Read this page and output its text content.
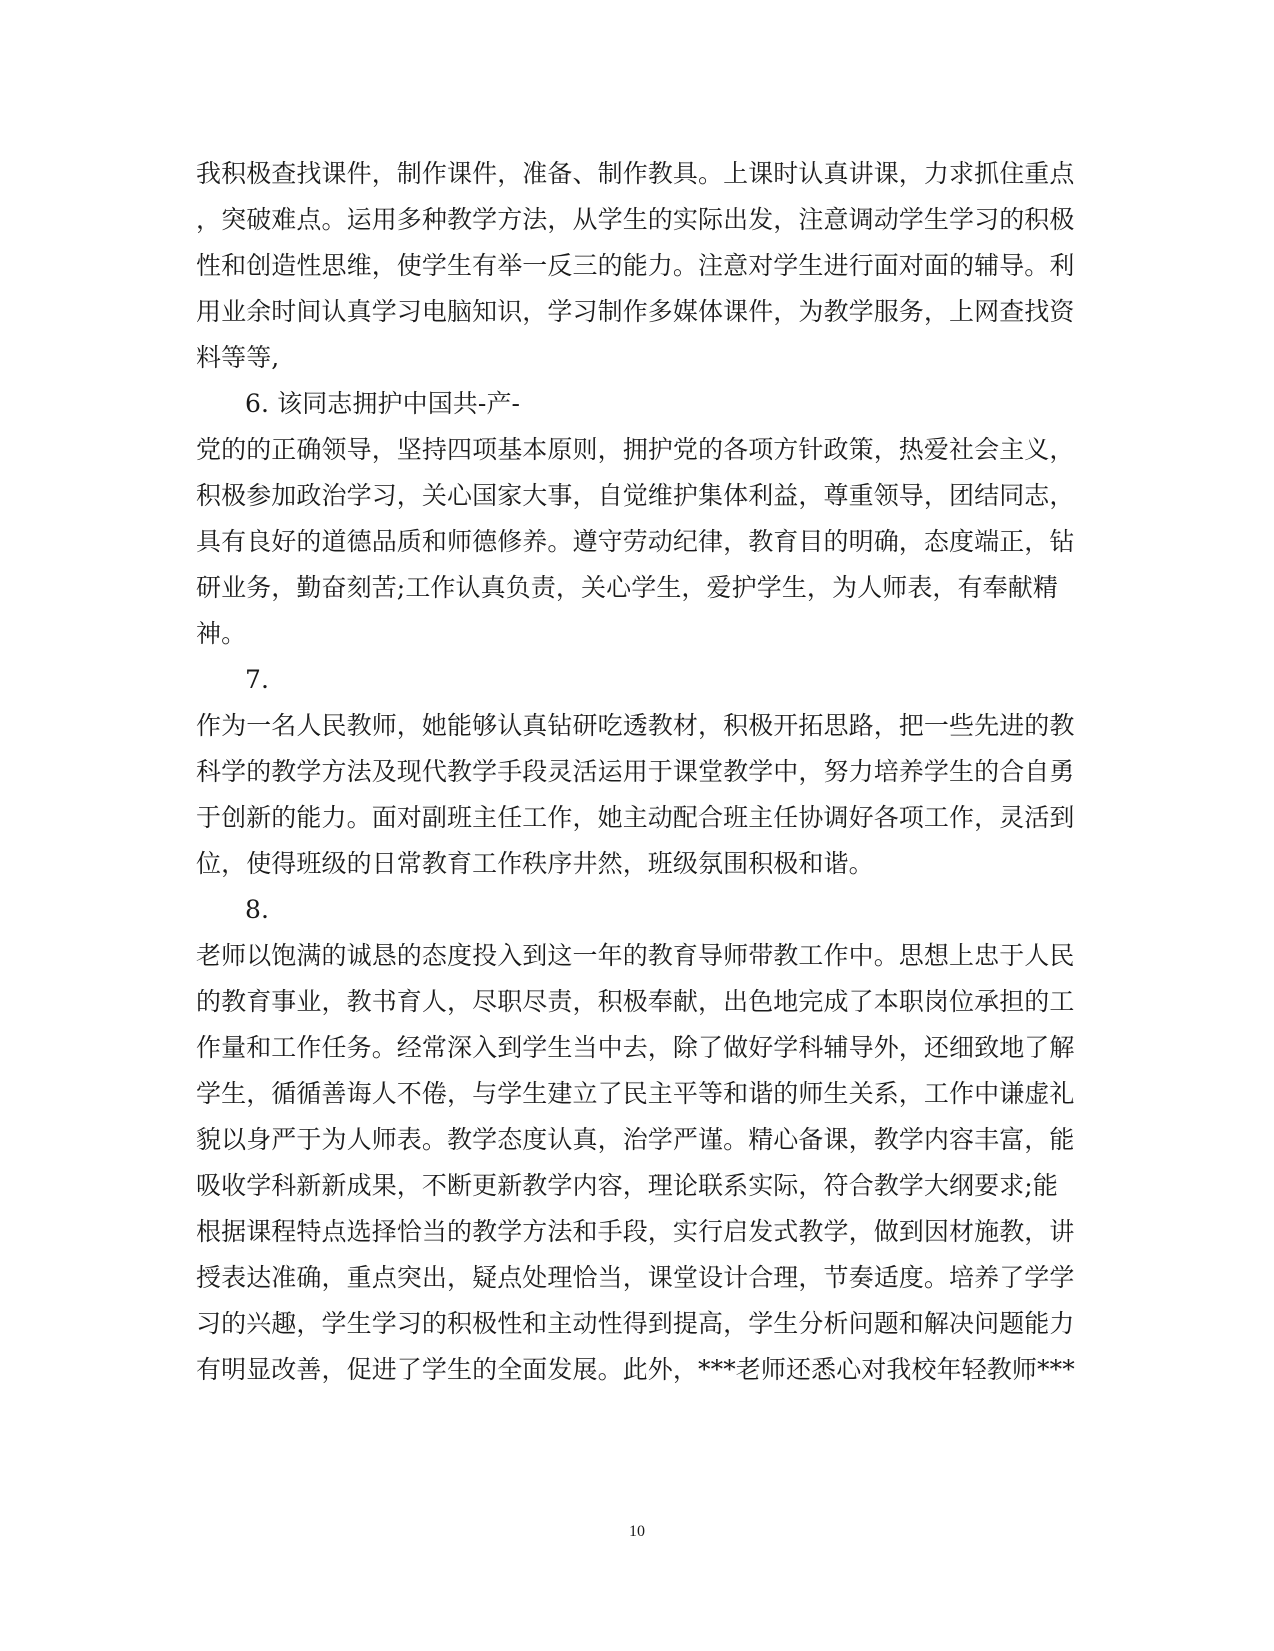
我积极查找课件，制作课件，准备、制作教具。上课时认真讲课，力求抓住重点
，突破难点。运用多种教学方法，从学生的实际出发，注意调动学生学习的积极
性和创造性思维，使学生有举一反三的能力。注意对学生进行面对面的辅导。利
用业余时间认真学习电脑知识，学习制作多媒体课件，为教学服务，上网查找资
料等等,
6. 该同志拥护中国共-产-
党的的正确领导，坚持四项基本原则，拥护党的各项方针政策，热爱社会主义，
积极参加政治学习，关心国家大事，自觉维护集体利益，尊重领导，团结同志，
具有良好的道德品质和师德修养。遵守劳动纪律，教育目的明确，态度端正，钻
研业务，勤奋刻苦;工作认真负责，关心学生，爱护学生，为人师表，有奉献精
神。
7.
作为一名人民教师，她能够认真钻研吃透教材，积极开拓思路，把一些先进的教
科学的教学方法及现代教学手段灵活运用于课堂教学中，努力培养学生的合自勇
于创新的能力。面对副班主任工作，她主动配合班主任协调好各项工作，灵活到
位，使得班级的日常教育工作秩序井然，班级氛围积极和谐。
8.
老师以饱满的诚恳的态度投入到这一年的教育导师带教工作中。思想上忠于人民
的教育事业，教书育人，尽职尽责，积极奉献，出色地完成了本职岗位承担的工
作量和工作任务。经常深入到学生当中去，除了做好学科辅导外，还细致地了解
学生，循循善诲人不倦，与学生建立了民主平等和谐的师生关系，工作中谦虚礼
貌以身严于为人师表。教学态度认真，治学严谨。精心备课，教学内容丰富，能
吸收学科新新成果，不断更新教学内容，理论联系实际，符合教学大纲要求;能
根据课程特点选择恰当的教学方法和手段，实行启发式教学，做到因材施教，讲
授表达准确，重点突出，疑点处理恰当，课堂设计合理，节奏适度。培养了学学
习的兴趣，学生学习的积极性和主动性得到提高，学生分析问题和解决问题能力
有明显改善，促进了学生的全面发展。此外，***老师还悉心对我校年轻教师***
10
